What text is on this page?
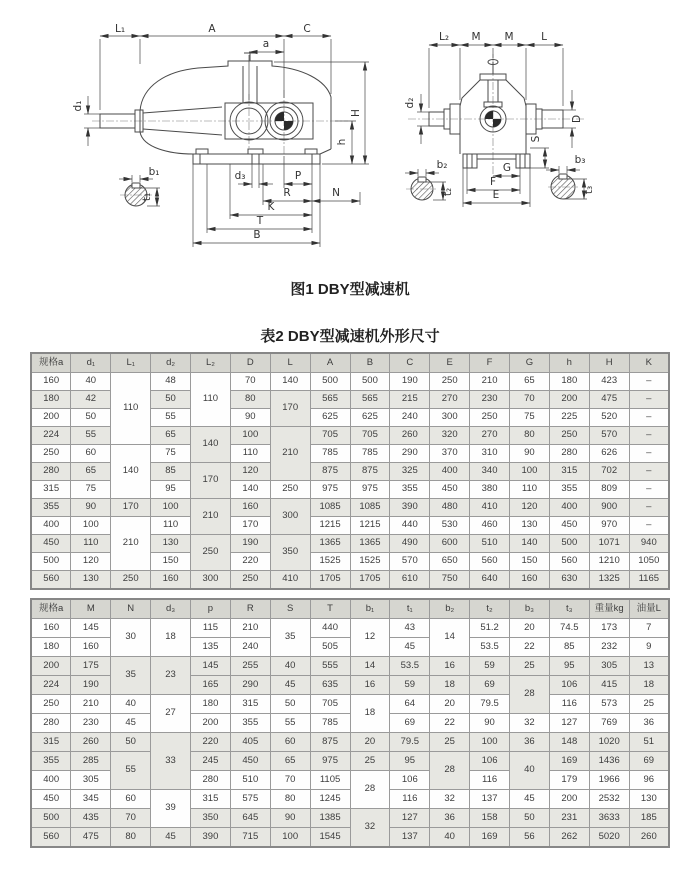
L₁	A	C
a
d₁
H
h
b₁
t₁
d₃	P
R	N
K
T
B
L₂ M M	L
d₂
D
S
G
F
E
b₂
t₂
b₃
t₃
图1 DBY型减速机
表2 DBY型减速机外形尺寸
规格a	d₁	L₁	d₂	L₂	D	L	A	B	C	E	F	G	h	H	K
160	40	110	48	110	70	140	500	500	190	250	210	65	180	423	–
180	42		50		80	170	565	565	215	270	230	70	200	475	–
200	50		55		90		625	625	240	300	250	75	225	520	–
224	55		65	140	100	210	705	705	260	320	270	80	250	570	–
250	60	140	75		110		785	785	290	370	310	90	280	626	–
280	65		85	170	120		875	875	325	400	340	100	315	702	–
315	75		95		140	250	975	975	355	450	380	110	355	809	–
355	90	170	100	210	160	300	1085	1085	390	480	410	120	400	900	–
400	100	210	110		170		1215	1215	440	530	460	130	450	970	–
450	110		130	250	190	350	1365	1365	490	600	510	140	500	1071	940
500	120		150		220		1525	1525	570	650	560	150	560	1210	1050
560	130	250	160	300	250	410	1705	1705	610	750	640	160	630	1325	1165
规格a	M	N	d₃	p	R	S	T	b₁	t₁	b₂	t₂	b₃	t₃	重量kg	油量L
160	145	30	18	115	210	35	440	12	43	14	51.2	20	74.5	173	7
180	160			135	240		505		45		53.5	22	85	232	9
200	175	35	23	145	255	40	555	14	53.5	16	59	25	95	305	13
224	190			165	290	45	635	16	59	18	69	28	106	415	18
250	210	40	27	180	315	50	705	18	64	20	79.5		116	573	25
280	230	45		200	355	55	785		69	22	90	32	127	769	36
315	260	50	33	220	405	60	875	20	79.5	25	100	36	148	1020	51
355	285	55		245	450	65	975	25	95	28	106	40	169	1436	69
400	305			280	510	70	1105	28	106		116		179	1966	96
450	345	60	39	315	575	80	1245		116	32	137	45	200	2532	130
500	435	70		350	645	90	1385	32	127	36	158	50	231	3633	185
560	475	80	45	390	715	100	1545		137	40	169	56	262	5020	260
